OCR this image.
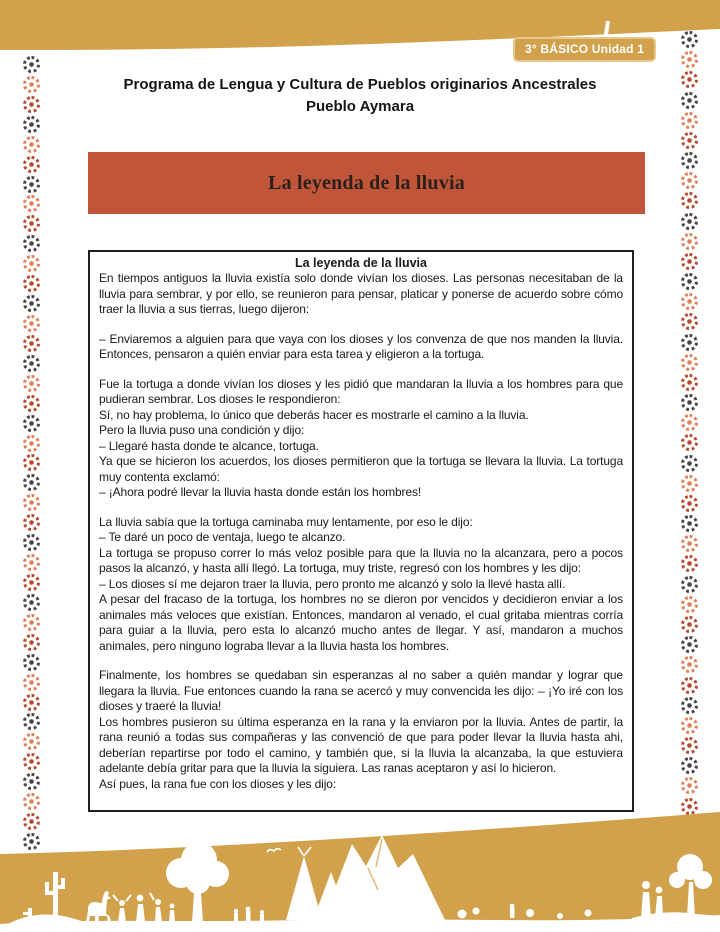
3° BÁSICO Unidad 1
Programa de Lengua y Cultura de Pueblos originarios Ancestrales
Pueblo Aymara
La leyenda de la lluvia
La leyenda de la lluvia

En tiempos antiguos la lluvia existía solo donde vivían los dioses. Las personas necesitaban de la lluvia para sembrar, y por ello, se reunieron para pensar, platicar y ponerse de acuerdo sobre cómo traer la lluvia a sus tierras, luego dijeron:

– Enviaremos a alguien para que vaya con los dioses y los convenza de que nos manden la lluvia. Entonces, pensaron a quién enviar para esta tarea y eligieron a la tortuga.

Fue la tortuga a donde vivían los dioses y les pidió que mandaran la lluvia a los hombres para que pudieran sembrar. Los dioses le respondieron:

Sí, no hay problema, lo único que deberás hacer es mostrarle el camino a la lluvia.

Pero la lluvia puso una condición y dijo:

– Llegaré hasta donde te alcance, tortuga.

Ya que se hicieron los acuerdos, los dioses permitieron que la tortuga se llevara la lluvia. La tortuga muy contenta exclamó:

– ¡Ahora podré llevar la lluvia hasta donde están los hombres!

La lluvia sabía que la tortuga caminaba muy lentamente, por eso le dijo:

– Te daré un poco de ventaja, luego te alcanzo.

La tortuga se propuso correr lo más veloz posible para que la lluvia no la alcanzara, pero a pocos pasos la alcanzó, y hasta allí llegó. La tortuga, muy triste, regresó con los hombres y les dijo:

– Los dioses sí me dejaron traer la lluvia, pero pronto me alcanzó y solo la llevé hasta allí.

A pesar del fracaso de la tortuga, los hombres no se dieron por vencidos y decidieron enviar a los animales más veloces que existían. Entonces, mandaron al venado, el cual gritaba mientras corría para guiar a la lluvia, pero esta lo alcanzó mucho antes de llegar. Y así, mandaron a muchos animales, pero ninguno lograba llevar a la lluvia hasta los hombres.

Finalmente, los hombres se quedaban sin esperanzas al no saber a quién mandar y lograr que llegara la lluvia. Fue entonces cuando la rana se acercó y muy convencida les dijo: – ¡Yo iré con los dioses y traeré la lluvia!

Los hombres pusieron su última esperanza en la rana y la enviaron por la lluvia. Antes de partir, la rana reunió a todas sus compañeras y las convenció de que para poder llevar la lluvia hasta ahi, deberían repartirse por todo el camino, y también que, si la lluvia la alcanzaba, la que estuviera adelante debía gritar para que la lluvia la siguiera. Las ranas aceptaron y así lo hicieron.

Así pues, la rana fue con los dioses y les dijo:
